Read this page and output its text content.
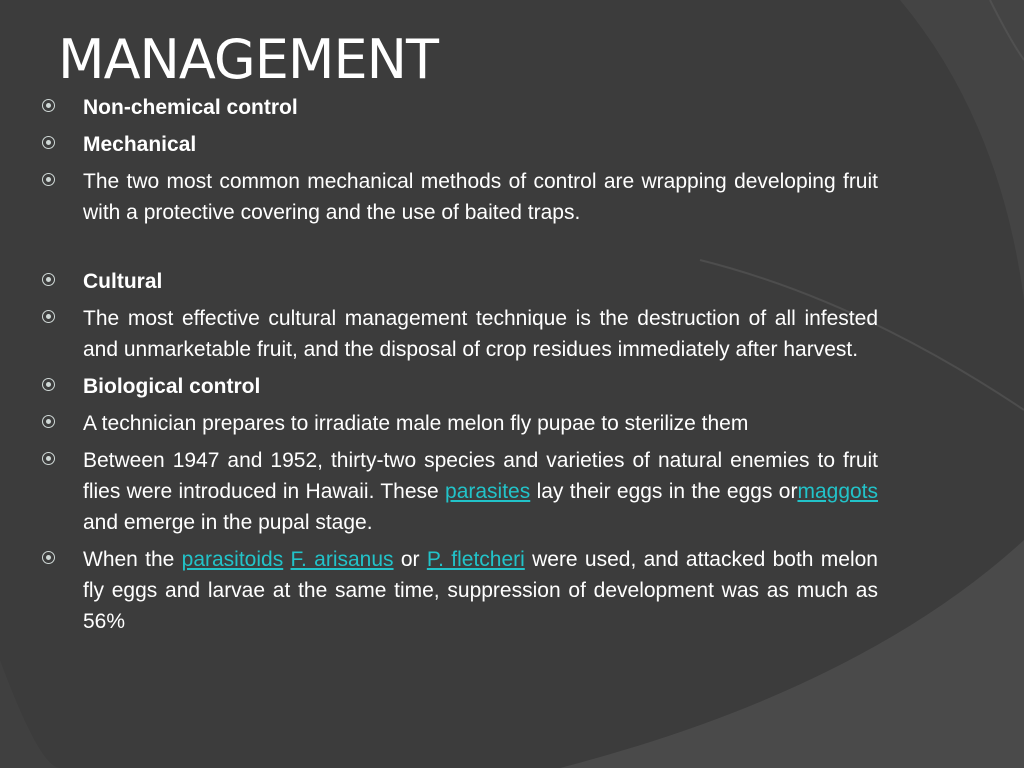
MANAGEMENT
Non-chemical control
Mechanical
The two most common mechanical methods of control are wrapping developing fruit with a protective covering and the use of baited traps.
Cultural
The most effective cultural management technique is the destruction of all infested and unmarketable fruit, and the disposal of crop residues immediately after harvest.
Biological control
A technician prepares to irradiate male melon fly pupae to sterilize them
Between 1947 and 1952, thirty-two species and varieties of natural enemies to fruit flies were introduced in Hawaii. These parasites lay their eggs in the eggs ormaggots and emerge in the pupal stage.
When the parasitoids F. arisanus or P. fletcheri were used, and attacked both melon fly eggs and larvae at the same time, suppression of development was as much as 56%
